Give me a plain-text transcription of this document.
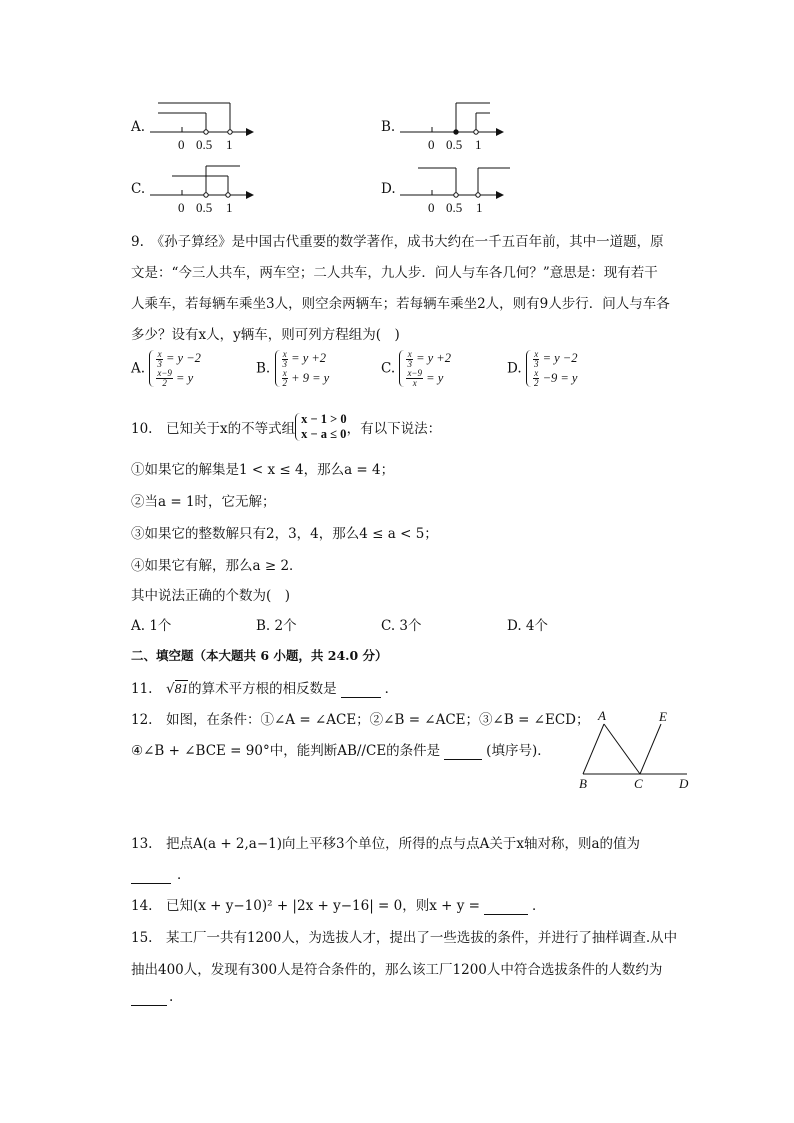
A.
0 0.5 1
B.
0 0.5 1
C.
0 0.5 1
D.
0 0.5 1
9.　《孙子算经》是中国古代重要的数学著作，成书大约在一千五百年前，其中一道题，原
文是：“今三人共车，两车空；二人共车，九人步．问人与车各几何？”意思是：现有若干
人乘车，若每辆车乘坐3人，则空余两辆车；若每辆车乘坐2人，则有9人步行．问人与车各
多少？设有x人，y辆车，则可列方程组为(　)
A. $\frac{x}{3} = y -2$
$\frac{x-9}{2} = y$
B. $\frac{x}{3} = y +2$
$\frac{x}{2} + 9 = y$
C. $\frac{x}{3} = y +2$
$\frac{x-9}{x} = y$
D. $\frac{x}{3} = y -2$
$\frac{x}{2} -9 = y$
10.　已知关于x的不等式组
x − 1 > 0
x − a ≤ 0 ，有以下说法：
①如果它的解集是1 < x ≤ 4，那么a = 4；
②当a = 1时，它无解；
③如果它的整数解只有2，3，4，那么4 ≤ a < 5；
④如果它有解，那么a ≥ 2．
其中说法正确的个数为(　)
A. 1个	B. 2个	C. 3个	D. 4个
二、填空题（本大题共 6 小题，共 24.0 分）
11.　√81的算术平方根的相反数是	．
12.　如图，在条件：①∠A = ∠ACE；②∠B = ∠ACE；③∠B = ∠ECD；
④∠B + ∠BCE = 90°中，能判断AB//CE的条件是	(填序号)．
A	E
B	C	D
13.　把点A(a + 2,a−1)向上平移3个单位，所得的点与点A关于x轴对称，则a的值为
．
14.　已知(x + y−10)² + |2x + y−16| = 0，则x + y =	．
15.　某工厂一共有1200人，为选拔人才，提出了一些选拔的条件，并进行了抽样调查.从中
抽出400人，发现有300人是符合条件的，那么该工厂1200人中符合选拔条件的人数约为
.
